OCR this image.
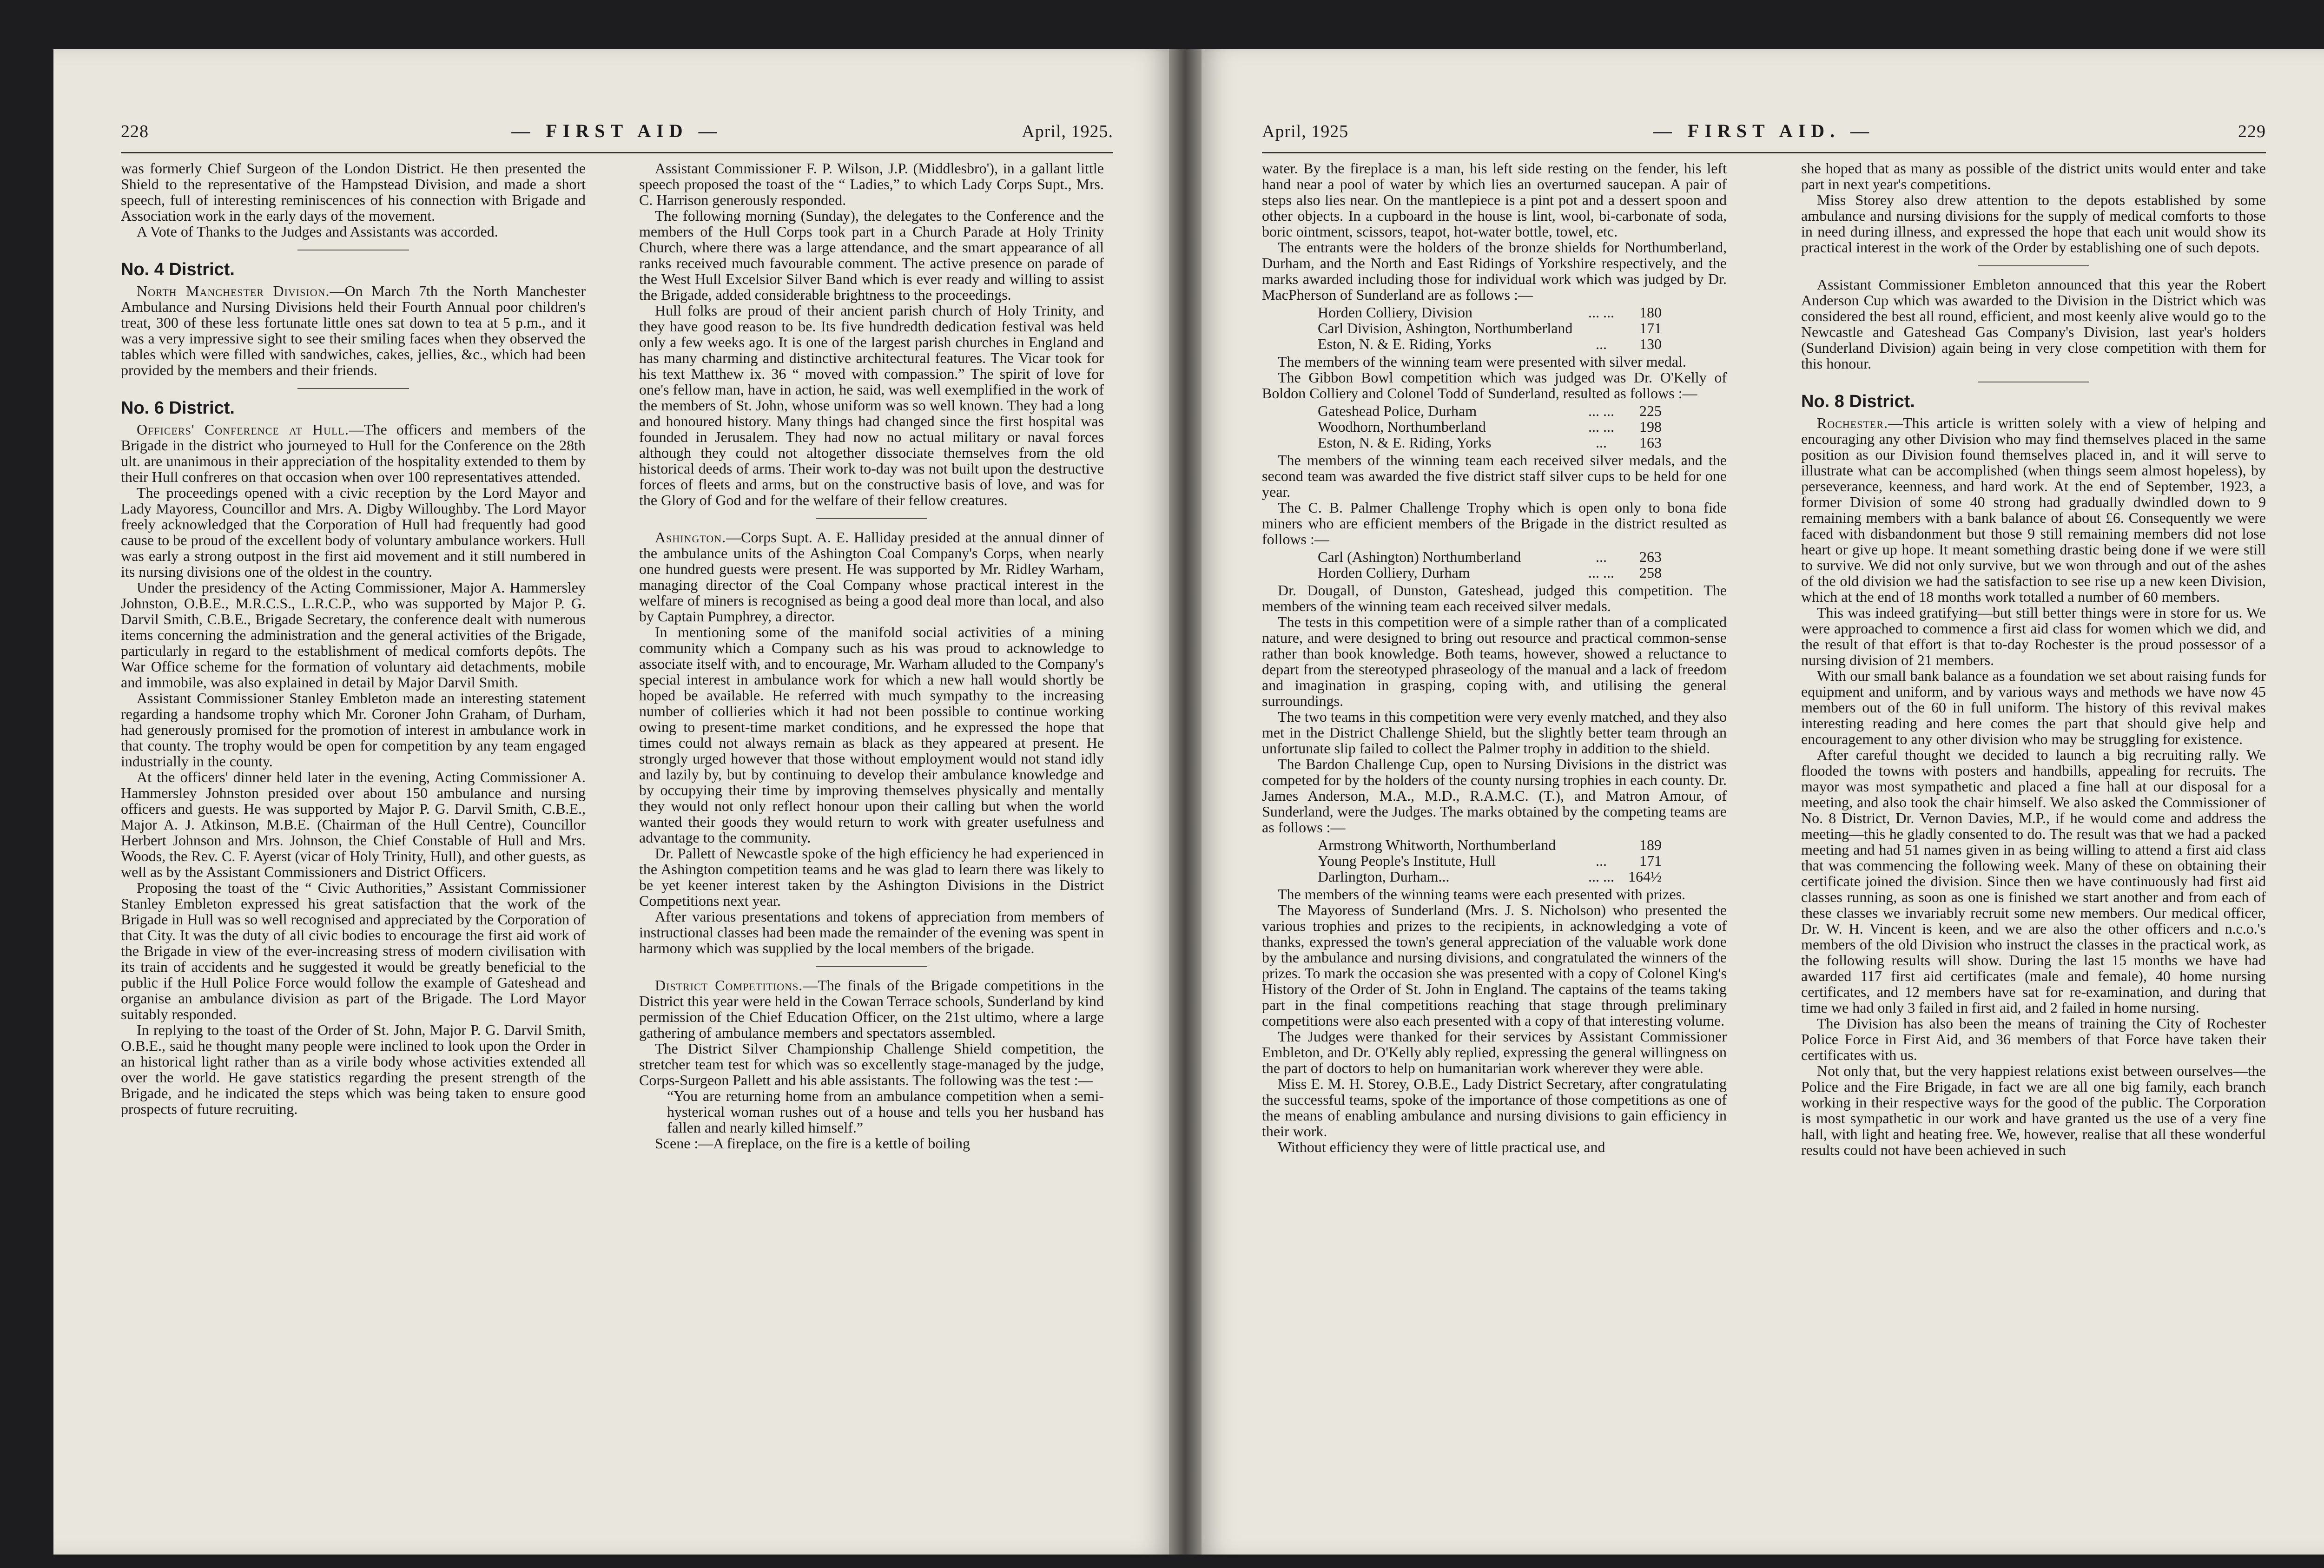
228	— FIRST AID —	April, 1925.

was formerly Chief Surgeon of the London District. He then presented the Shield to the representative of the Hampstead Division, and made a short speech, full of interesting reminiscences of his connection with Brigade and Association work in the early days of the movement.

A Vote of Thanks to the Judges and Assistants was accorded.

No. 4 District.

North Manchester Division.—On March 7th the North Manchester Ambulance and Nursing Divisions held their Fourth Annual poor children's treat, 300 of these less fortunate little ones sat down to tea at 5 p.m., and it was a very impressive sight to see their smiling faces when they observed the tables which were filled with sandwiches, cakes, jellies, &c., which had been provided by the members and their friends.

No. 6 District.

Officers' Conference at Hull.—The officers and members of the Brigade in the district who journeyed to Hull for the Conference on the 28th ult. are unanimous in their appreciation of the hospitality extended to them by their Hull confreres on that occasion when over 100 representatives attended.

The proceedings opened with a civic reception by the Lord Mayor and Lady Mayoress, Councillor and Mrs. A. Digby Willoughby. The Lord Mayor freely acknowledged that the Corporation of Hull had frequently had good cause to be proud of the excellent body of voluntary ambulance workers. Hull was early a strong outpost in the first aid movement and it still numbered in its nursing divisions one of the oldest in the country.

Under the presidency of the Acting Commissioner, Major A. Hammersley Johnston, O.B.E., M.R.C.S., L.R.C.P., who was supported by Major P. G. Darvil Smith, C.B.E., Brigade Secretary, the conference dealt with numerous items concerning the administration and the general activities of the Brigade, particularly in regard to the establishment of medical comforts depôts. The War Office scheme for the formation of voluntary aid detachments, mobile and immobile, was also explained in detail by Major Darvil Smith.

Assistant Commissioner Stanley Embleton made an interesting statement regarding a handsome trophy which Mr. Coroner John Graham, of Durham, had generously promised for the promotion of interest in ambulance work in that county. The trophy would be open for competition by any team engaged industrially in the county.

At the officers' dinner held later in the evening, Acting Commissioner A. Hammersley Johnston presided over about 150 ambulance and nursing officers and guests. He was supported by Major P. G. Darvil Smith, C.B.E., Major A. J. Atkinson, M.B.E. (Chairman of the Hull Centre), Councillor Herbert Johnson and Mrs. Johnson, the Chief Constable of Hull and Mrs. Woods, the Rev. C. F. Ayerst (vicar of Holy Trinity, Hull), and other guests, as well as by the Assistant Commissioners and District Officers.

Proposing the toast of the “ Civic Authorities,” Assistant Commissioner Stanley Embleton expressed his great satisfaction that the work of the Brigade in Hull was so well recognised and appreciated by the Corporation of that City. It was the duty of all civic bodies to encourage the first aid work of the Brigade in view of the ever-increasing stress of modern civilisation with its train of accidents and he suggested it would be greatly beneficial to the public if the Hull Police Force would follow the example of Gateshead and organise an ambulance division as part of the Brigade. The Lord Mayor suitably responded.

In replying to the toast of the Order of St. John, Major P. G. Darvil Smith, O.B.E., said he thought many people were inclined to look upon the Order in an historical light rather than as a virile body whose activities extended all over the world. He gave statistics regarding the present strength of the Brigade, and he indicated the steps which was being taken to ensure good prospects of future recruiting.

Assistant Commissioner F. P. Wilson, J.P. (Middlesbro'), in a gallant little speech proposed the toast of the “ Ladies,” to which Lady Corps Supt., Mrs. C. Harrison generously responded.

The following morning (Sunday), the delegates to the Conference and the members of the Hull Corps took part in a Church Parade at Holy Trinity Church, where there was a large attendance, and the smart appearance of all ranks received much favourable comment. The active presence on parade of the West Hull Excelsior Silver Band which is ever ready and willing to assist the Brigade, added considerable brightness to the proceedings.

Hull folks are proud of their ancient parish church of Holy Trinity, and they have good reason to be. Its five hundredth dedication festival was held only a few weeks ago. It is one of the largest parish churches in England and has many charming and distinctive architectural features. The Vicar took for his text Matthew ix. 36 “ moved with compassion.” The spirit of love for one's fellow man, have in action, he said, was well exemplified in the work of the members of St. John, whose uniform was so well known. They had a long and honoured history. Many things had changed since the first hospital was founded in Jerusalem. They had now no actual military or naval forces although they could not altogether dissociate themselves from the old historical deeds of arms. Their work to-day was not built upon the destructive forces of fleets and arms, but on the constructive basis of love, and was for the Glory of God and for the welfare of their fellow creatures.

Ashington.—Corps Supt. A. E. Halliday presided at the annual dinner of the ambulance units of the Ashington Coal Company's Corps, when nearly one hundred guests were present. He was supported by Mr. Ridley Warham, managing director of the Coal Company whose practical interest in the welfare of miners is recognised as being a good deal more than local, and also by Captain Pumphrey, a director.

In mentioning some of the manifold social activities of a mining community which a Company such as his was proud to acknowledge to associate itself with, and to encourage, Mr. Warham alluded to the Company's special interest in ambulance work for which a new hall would shortly be hoped be available. He referred with much sympathy to the increasing number of collieries which it had not been possible to continue working owing to present-time market conditions, and he expressed the hope that times could not always remain as black as they appeared at present. He strongly urged however that those without employment would not stand idly and lazily by, but by continuing to develop their ambulance knowledge and by occupying their time by improving themselves physically and mentally they would not only reflect honour upon their calling but when the world wanted their goods they would return to work with greater usefulness and advantage to the community.

Dr. Pallett of Newcastle spoke of the high efficiency he had experienced in the Ashington competition teams and he was glad to learn there was likely to be yet keener interest taken by the Ashington Divisions in the District Competitions next year.

After various presentations and tokens of appreciation from members of instructional classes had been made the remainder of the evening was spent in harmony which was supplied by the local members of the brigade.

District Competitions.—The finals of the Brigade competitions in the District this year were held in the Cowan Terrace schools, Sunderland by kind permission of the Chief Education Officer, on the 21st ultimo, where a large gathering of ambulance members and spectators assembled.

The District Silver Championship Challenge Shield competition, the stretcher team test for which was so excellently stage-managed by the judge, Corps-Surgeon Pallett and his able assistants. The following was the test :—

“You are returning home from an ambulance competition when a semi-hysterical woman rushes out of a house and tells you her husband has fallen and nearly killed himself.”

Scene :—A fireplace, on the fire is a kettle of boiling

April, 1925	— FIRST AID. —	229

water. By the fireplace is a man, his left side resting on the fender, his left hand near a pool of water by which lies an overturned saucepan. A pair of steps also lies near. On the mantlepiece is a pint pot and a dessert spoon and other objects. In a cupboard in the house is lint, wool, bi-carbonate of soda, boric ointment, scissors, teapot, hot-water bottle, towel, etc.

The entrants were the holders of the bronze shields for Northumberland, Durham, and the North and East Ridings of Yorkshire respectively, and the marks awarded including those for individual work which was judged by Dr. MacPherson of Sunderland are as follows :—

Horden Colliery, Division	... ...	180
Carl Division, Ashington, Northumberland		171
Eston, N. & E. Riding, Yorks	...	130

The members of the winning team were presented with silver medal.

The Gibbon Bowl competition which was judged was Dr. O'Kelly of Boldon Colliery and Colonel Todd of Sunderland, resulted as follows :—

Gateshead Police, Durham	... ...	225
Woodhorn, Northumberland	... ...	198
Eston, N. & E. Riding, Yorks	...	163

The members of the winning team each received silver medals, and the second team was awarded the five district staff silver cups to be held for one year.

The C. B. Palmer Challenge Trophy which is open only to bona fide miners who are efficient members of the Brigade in the district resulted as follows :—

Carl (Ashington) Northumberland	...	263
Horden Colliery, Durham	... ...	258

Dr. Dougall, of Dunston, Gateshead, judged this competition. The members of the winning team each received silver medals.

The tests in this competition were of a simple rather than of a complicated nature, and were designed to bring out resource and practical common-sense rather than book knowledge. Both teams, however, showed a reluctance to depart from the stereotyped phraseology of the manual and a lack of freedom and imagination in grasping, coping with, and utilising the general surroundings.

The two teams in this competition were very evenly matched, and they also met in the District Challenge Shield, but the slightly better team through an unfortunate slip failed to collect the Palmer trophy in addition to the shield.

The Bardon Challenge Cup, open to Nursing Divisions in the district was competed for by the holders of the county nursing trophies in each county. Dr. James Anderson, M.A., M.D., R.A.M.C. (T.), and Matron Amour, of Sunderland, were the Judges. The marks obtained by the competing teams are as follows :—

Armstrong Whitworth, Northumberland		189
Young People's Institute, Hull	...	171
Darlington, Durham...	... ...	164½

The members of the winning teams were each presented with prizes.

The Mayoress of Sunderland (Mrs. J. S. Nicholson) who presented the various trophies and prizes to the recipients, in acknowledging a vote of thanks, expressed the town's general appreciation of the valuable work done by the ambulance and nursing divisions, and congratulated the winners of the prizes. To mark the occasion she was presented with a copy of Colonel King's History of the Order of St. John in England. The captains of the teams taking part in the final competitions reaching that stage through preliminary competitions were also each presented with a copy of that interesting volume.

The Judges were thanked for their services by Assistant Commissioner Embleton, and Dr. O'Kelly ably replied, expressing the general willingness on the part of doctors to help on humanitarian work wherever they were able.

Miss E. M. H. Storey, O.B.E., Lady District Secretary, after congratulating the successful teams, spoke of the importance of those competitions as one of the means of enabling ambulance and nursing divisions to gain efficiency in their work.

Without efficiency they were of little practical use, and

she hoped that as many as possible of the district units would enter and take part in next year's competitions.

Miss Storey also drew attention to the depots established by some ambulance and nursing divisions for the supply of medical comforts to those in need during illness, and expressed the hope that each unit would show its practical interest in the work of the Order by establishing one of such depots.

Assistant Commissioner Embleton announced that this year the Robert Anderson Cup which was awarded to the Division in the District which was considered the best all round, efficient, and most keenly alive would go to the Newcastle and Gateshead Gas Company's Division, last year's holders (Sunderland Division) again being in very close competition with them for this honour.

No. 8 District.

Rochester.—This article is written solely with a view of helping and encouraging any other Division who may find themselves placed in the same position as our Division found themselves placed in, and it will serve to illustrate what can be accomplished (when things seem almost hopeless), by perseverance, keenness, and hard work. At the end of September, 1923, a former Division of some 40 strong had gradually dwindled down to 9 remaining members with a bank balance of about £6. Consequently we were faced with disbandonment but those 9 still remaining members did not lose heart or give up hope. It meant something drastic being done if we were still to survive. We did not only survive, but we won through and out of the ashes of the old division we had the satisfaction to see rise up a new keen Division, which at the end of 18 months work totalled a number of 60 members.

This was indeed gratifying—but still better things were in store for us. We were approached to commence a first aid class for women which we did, and the result of that effort is that to-day Rochester is the proud possessor of a nursing division of 21 members.

With our small bank balance as a foundation we set about raising funds for equipment and uniform, and by various ways and methods we have now 45 members out of the 60 in full uniform. The history of this revival makes interesting reading and here comes the part that should give help and encouragement to any other division who may be struggling for existence.

After careful thought we decided to launch a big recruiting rally. We flooded the towns with posters and handbills, appealing for recruits. The mayor was most sympathetic and placed a fine hall at our disposal for a meeting, and also took the chair himself. We also asked the Commissioner of No. 8 District, Dr. Vernon Davies, M.P., if he would come and address the meeting—this he gladly consented to do. The result was that we had a packed meeting and had 51 names given in as being willing to attend a first aid class that was commencing the following week. Many of these on obtaining their certificate joined the division. Since then we have continuously had first aid classes running, as soon as one is finished we start another and from each of these classes we invariably recruit some new members. Our medical officer, Dr. W. H. Vincent is keen, and we are also the other officers and n.c.o.'s members of the old Division who instruct the classes in the practical work, as the following results will show. During the last 15 months we have had awarded 117 first aid certificates (male and female), 40 home nursing certificates, and 12 members have sat for re-examination, and during that time we had only 3 failed in first aid, and 2 failed in home nursing.

The Division has also been the means of training the City of Rochester Police Force in First Aid, and 36 members of that Force have taken their certificates with us.

Not only that, but the very happiest relations exist between ourselves—the Police and the Fire Brigade, in fact we are all one big family, each branch working in their respective ways for the good of the public. The Corporation is most sympathetic in our work and have granted us the use of a very fine hall, with light and heating free. We, however, realise that all these wonderful results could not have been achieved in such
